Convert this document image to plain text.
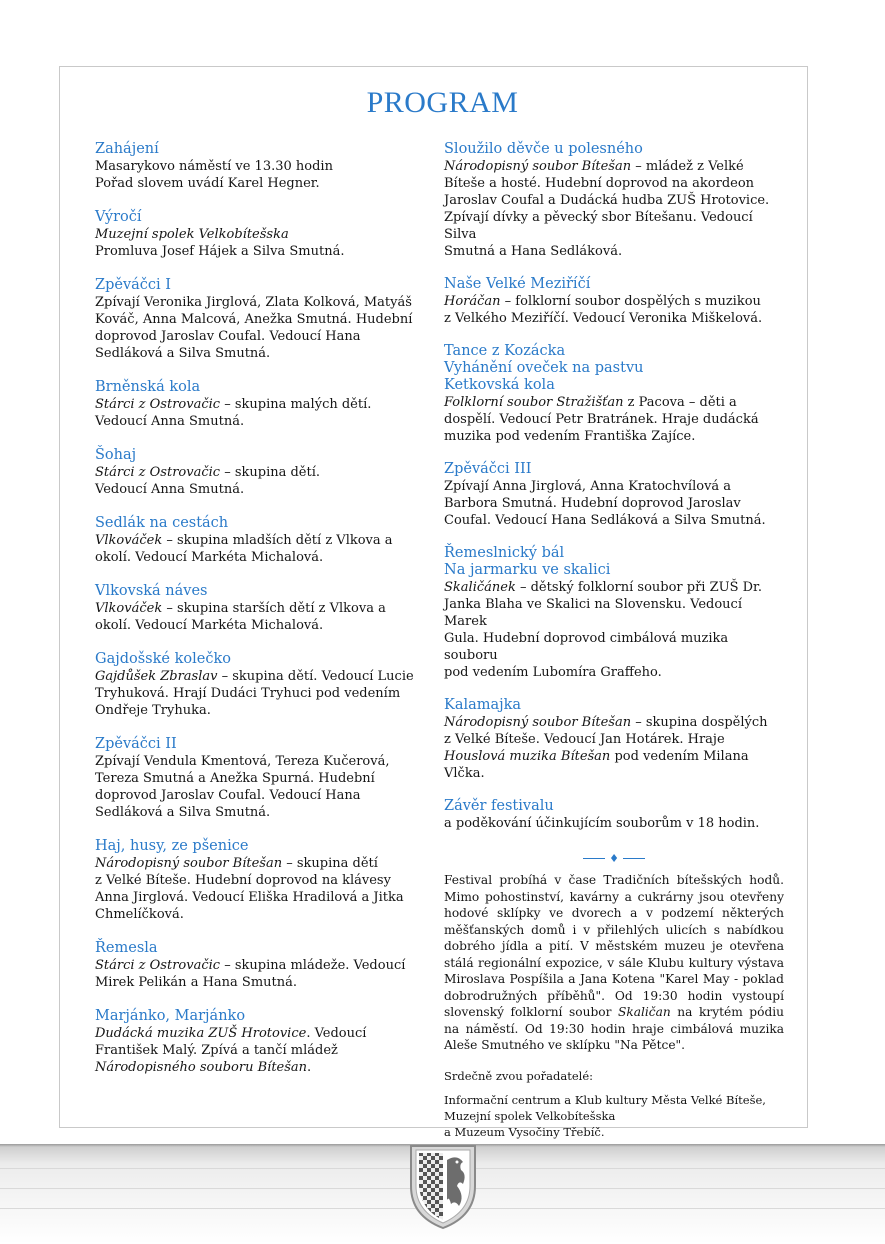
PROGRAM
Zahájení
Masarykovo náměstí ve 13.30 hodin
Pořad slovem uvádí Karel Hegner.
Výročí
Muzejní spolek Velkobítešska
Promluva Josef Hájek a Silva Smutná.
Zpěváčci I
Zpívají Veronika Jirglová, Zlata Kolková, Matyáš
Kováč, Anna Malcová, Anežka Smutná. Hudební
doprovod Jaroslav Coufal. Vedoucí Hana
Sedláková a Silva Smutná.
Brněnská kola
Stárci z Ostrovačic – skupina malých dětí.
Vedoucí Anna Smutná.
Šohaj
Stárci z Ostrovačic – skupina dětí.
Vedoucí Anna Smutná.
Sedlák na cestách
Vlkováček – skupina mladších dětí z Vlkova a
okolí. Vedoucí Markéta Michalová.
Vlkovská náves
Vlkováček – skupina starších dětí z Vlkova a
okolí. Vedoucí Markéta Michalová.
Gajdošské kolečko
Gajdůšek Zbraslav – skupina dětí. Vedoucí Lucie
Tryhuková. Hrají Dudáci Tryhuci pod vedením
Ondřeje Tryhuka.
Zpěváčci II
Zpívají Vendula Kmentová, Tereza Kučerová,
Tereza Smutná a Anežka Spurná. Hudební
doprovod Jaroslav Coufal. Vedoucí Hana
Sedláková a Silva Smutná.
Haj, husy, ze pšenice
Národopisný soubor Bítešan – skupina dětí
z Velké Bíteše. Hudební doprovod na klávesy
Anna Jirglová. Vedoucí Eliška Hradilová a Jitka
Chmelíčková.
Řemesla
Stárci z Ostrovačic – skupina mládeže. Vedoucí
Mirek Pelikán a Hana Smutná.
Marjánko, Marjánko
Dudácká muzika ZUŠ Hrotovice. Vedoucí
František Malý. Zpívá a tančí mládež
Národopisného souboru Bítešan.
Sloužilo děvče u polesného
Národopisný soubor Bítešan – mládež z Velké
Bíteše a hosté. Hudební doprovod na akordeon
Jaroslav Coufal a Dudácká hudba ZUŠ Hrotovice.
Zpívají dívky a pěvecký sbor Bítešanu. Vedoucí Silva
Smutná a Hana Sedláková.
Naše Velké Meziříčí
Horáčan – folklorní soubor dospělých s muzikou
z Velkého Meziříčí. Vedoucí Veronika Miškelová.
Tance z Kozácka
Vyhánění oveček na pastvu
Ketkovská kola
Folklorní soubor Stražišťan z Pacova – děti a
dospělí. Vedoucí Petr Bratránek. Hraje dudácká
muzika pod vedením Františka Zajíce.
Zpěváčci III
Zpívají Anna Jirglová, Anna Kratochvílová a
Barbora Smutná. Hudební doprovod Jaroslav
Coufal. Vedoucí Hana Sedláková a Silva Smutná.
Řemeslnický bál
Na jarmarku ve skalici
Skaličánek – dětský folklorní soubor při ZUŠ Dr.
Janka Blaha ve Skalici na Slovensku. Vedoucí Marek
Gula. Hudební doprovod cimbálová muzika souboru
pod vedením Lubomíra Graffeho.
Kalamajka
Národopisný soubor Bítešan – skupina dospělých
z Velké Bíteše. Vedoucí Jan Hotárek. Hraje
Houslová muzika Bítešan pod vedením Milana
Vlčka.
Závěr festivalu
a poděkování účinkujícím souborům v 18 hodin.
♦

Festival probíhá v čase Tradičních bítešských hodů. Mimo pohostinství, kavárny a cukrárny jsou otevřeny hodové sklípky ve dvorech a v podzemí některých měšťanských domů i v přilehlých ulicích s nabídkou dobrého jídla a pití. V městském muzeu je otevřena stálá regionální expozice, v sále Klubu kultury výstava Miroslava Pospíšila a Jana Kotena "Karel May - poklad dobrodružných příběhů". Od 19:30 hodin vystoupí slovenský folklorní soubor Skaličan na krytém pódiu na náměstí. Od 19:30 hodin hraje cimbálová muzika Aleše Smutného ve sklípku "Na Pětce".

Srdečně zvou pořadatelé:

Informační centrum a Klub kultury Města Velké Bíteše,
Muzejní spolek Velkobítešska
a Muzeum Vysočiny Třebíč.
